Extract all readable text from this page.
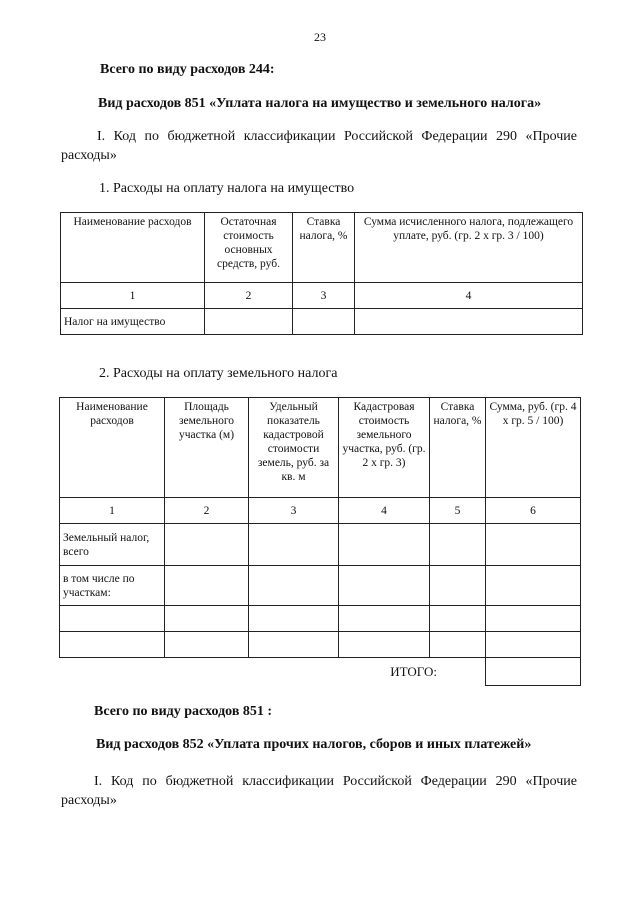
23
Всего по виду расходов 244:
Вид расходов 851 «Уплата налога на имущество и земельного налога»
I. Код по бюджетной классификации Российской Федерации 290 «Прочие расходы»
1. Расходы на оплату налога на имущество
Наименование расходов	Остаточная стоимость основных средств, руб.	Ставка налога, %	Сумма исчисленного налога, подлежащего уплате, руб. (гр. 2 х гр. 3 / 100)
1	2	3	4
Налог на имущество			
2. Расходы на оплату земельного налога
Наименование расходов	Площадь земельного участка (м)	Удельный показатель кадастровой стоимости земель, руб. за кв. м	Кадастровая стоимость земельного участка, руб. (гр. 2 х гр. 3)	Ставка налога, %	Сумма, руб. (гр. 4 х гр. 5 / 100)
1	2	3	4	5	6
Земельный налог, всего					
в том числе по участкам:					

ИТОГО:					
Всего по виду расходов 851 :
Вид расходов 852 «Уплата прочих налогов, сборов и иных платежей»
I. Код по бюджетной классификации Российской Федерации 290 «Прочие расходы»
